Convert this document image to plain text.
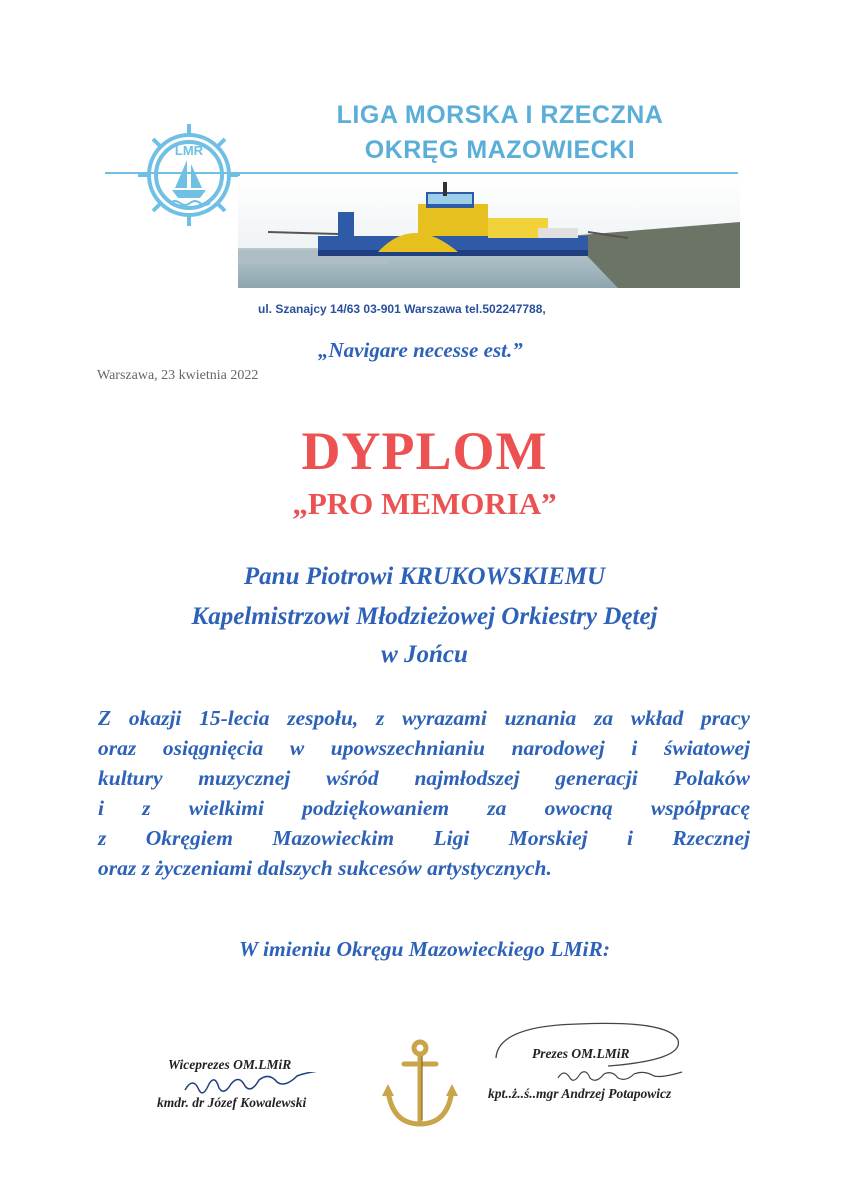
LMR
LIGA MORSKA I RZECZNA
OKRĘG MAZOWIECKI
ul. Szanajcy 14/63 03-901 Warszawa tel.502247788,
„Navigare necesse est.”
Warszawa, 23 kwietnia 2022
DYPLOM
„PRO MEMORIA”
Panu Piotrowi KRUKOWSKIEMU
Kapelmistrzowi Młodzieżowej Orkiestry Dętej
w Jońcu
Z okazji 15-lecia zespołu, z wyrazami uznania za wkład pracy
oraz osiągnięcia w upowszechnianiu narodowej i światowej
kultury muzycznej wśród najmłodszej generacji Polaków
i z wielkimi podziękowaniem za owocną współpracę
z Okręgiem Mazowieckim Ligi Morskiej i Rzecznej
oraz z życzeniami dalszych sukcesów artystycznych.
W imieniu Okręgu Mazowieckiego LMiR:
Wiceprezes OM.LMiR
kmdr. dr Józef Kowalewski
Prezes OM.LMiR
kpt..ż..ś..mgr Andrzej Potapowicz
